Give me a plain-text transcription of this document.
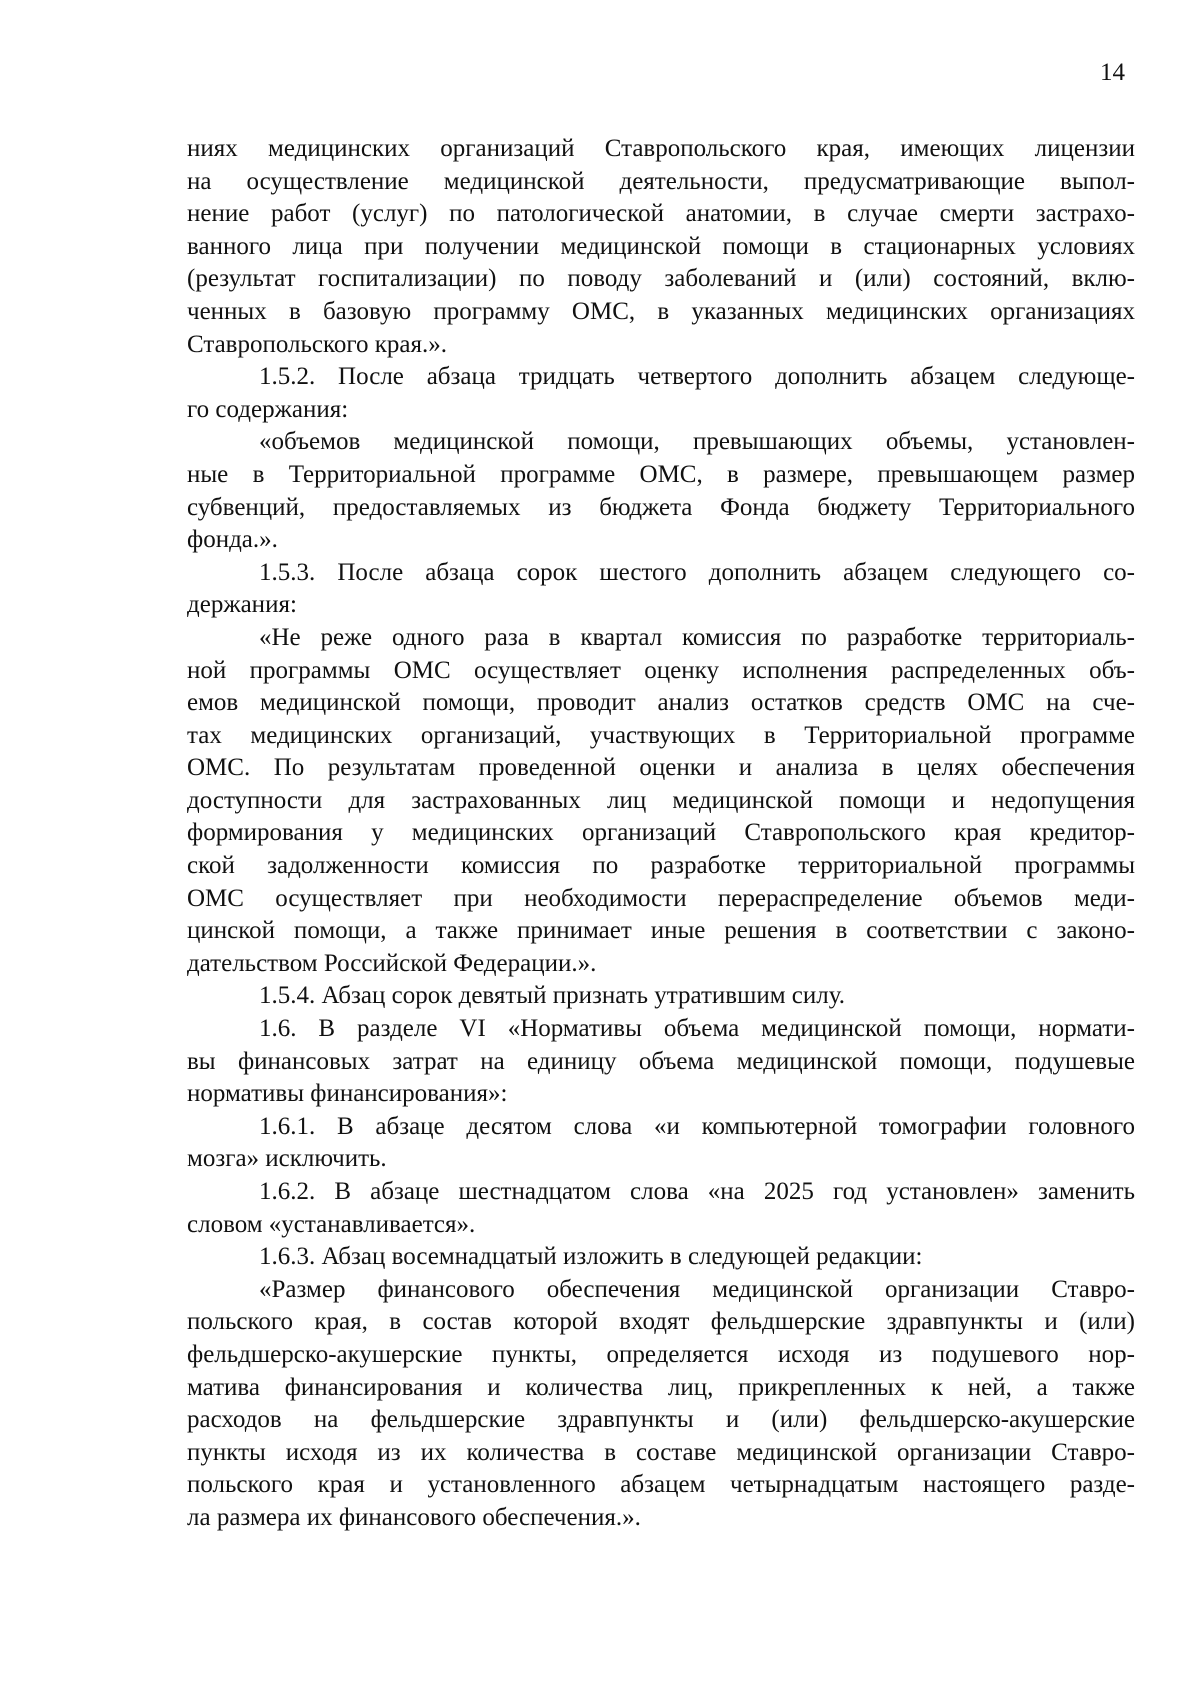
14
ниях медицинских организаций Ставропольского края, имеющих лицензии
на осуществление медицинской деятельности, предусматривающие выпол-
нение работ (услуг) по патологической анатомии, в случае смерти застрахо-
ванного лица при получении медицинской помощи в стационарных условиях
(результат госпитализации) по поводу заболеваний и (или) состояний, вклю-
ченных в базовую программу ОМС, в указанных медицинских организациях
Ставропольского края.».
1.5.2. После абзаца тридцать четвертого дополнить абзацем следующе-
го содержания:
«объемов медицинской помощи, превышающих объемы, установлен-
ные в Территориальной программе ОМС, в размере, превышающем размер
субвенций, предоставляемых из бюджета Фонда бюджету Территориального
фонда.».
1.5.3. После абзаца сорок шестого дополнить абзацем следующего со-
держания:
«Не реже одного раза в квартал комиссия по разработке территориаль-
ной программы ОМС осуществляет оценку исполнения распределенных объ-
емов медицинской помощи, проводит анализ остатков средств ОМС на сче-
тах медицинских организаций, участвующих в Территориальной программе
ОМС. По результатам проведенной оценки и анализа в целях обеспечения
доступности для застрахованных лиц медицинской помощи и недопущения
формирования у медицинских организаций Ставропольского края кредитор-
ской задолженности комиссия по разработке территориальной программы
ОМС осуществляет при необходимости перераспределение объемов меди-
цинской помощи, а также принимает иные решения в соответствии с законо-
дательством Российской Федерации.».
1.5.4. Абзац сорок девятый признать утратившим силу.
1.6. В разделе VI «Нормативы объема медицинской помощи, нормати-
вы финансовых затрат на единицу объема медицинской помощи, подушевые
нормативы финансирования»:
1.6.1. В абзаце десятом слова «и компьютерной томографии головного
мозга» исключить.
1.6.2. В абзаце шестнадцатом слова «на 2025 год установлен» заменить
словом «устанавливается».
1.6.3. Абзац восемнадцатый изложить в следующей редакции:
«Размер финансового обеспечения медицинской организации Ставро-
польского края, в состав которой входят фельдшерские здравпункты и (или)
фельдшерско-акушерские пункты, определяется исходя из подушевого нор-
матива финансирования и количества лиц, прикрепленных к ней, а также
расходов на фельдшерские здравпункты и (или) фельдшерско-акушерские
пункты исходя из их количества в составе медицинской организации Ставро-
польского края и установленного абзацем четырнадцатым настоящего разде-
ла размера их финансового обеспечения.».
